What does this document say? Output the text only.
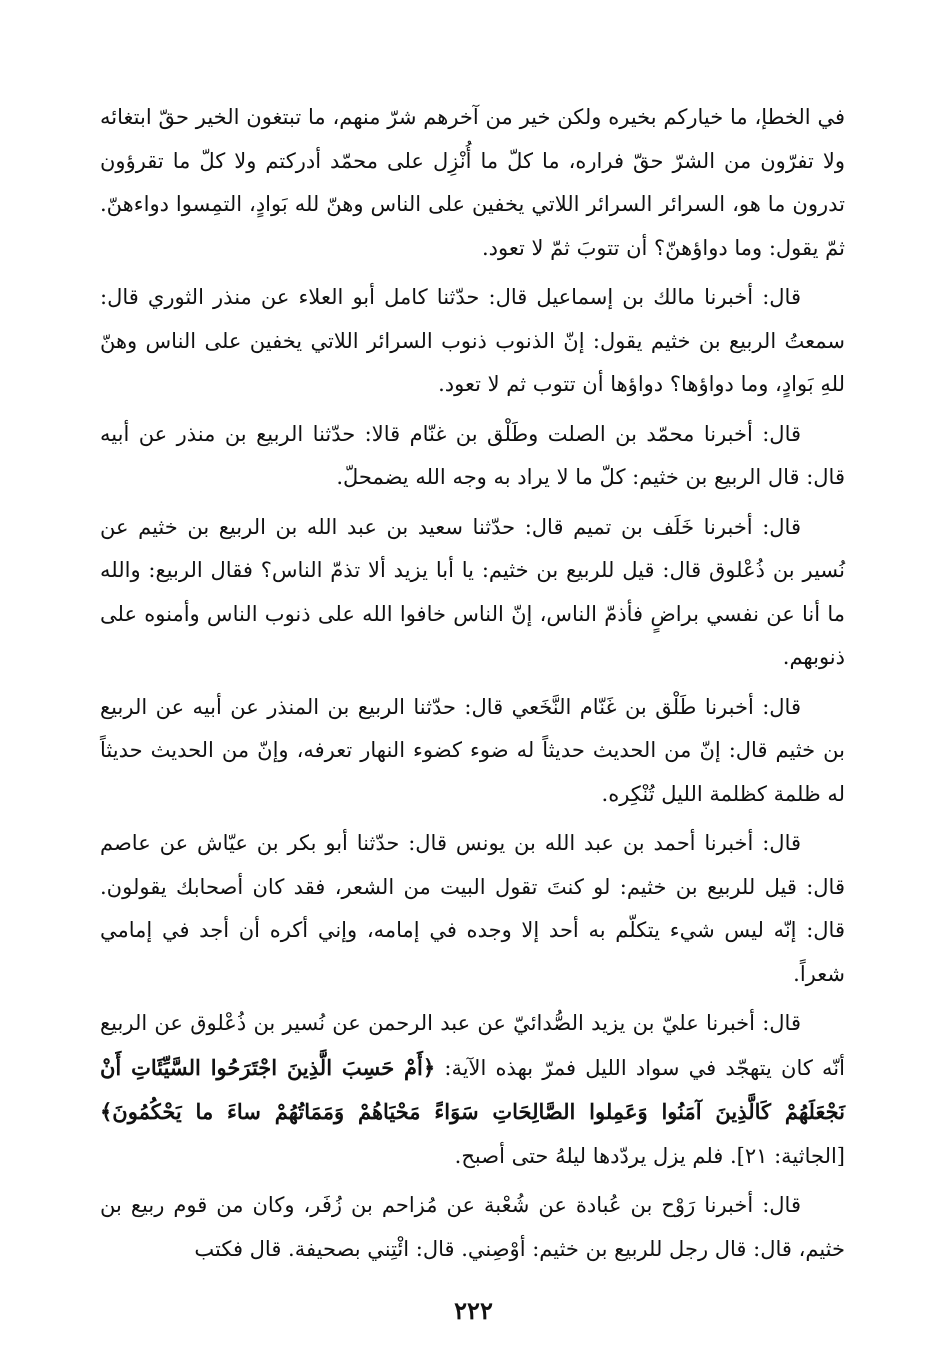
في الخطإ، ما خياركم بخيره ولكن خير من آخرهم شرّ منهم، ما تبتغون الخير حقّ ابتغائه ولا تفرّون من الشرّ حقّ فراره، ما كلّ ما أُنْزِل على محمّد أدركتم ولا كلّ ما تقرؤون تدرون ما هو، السرائر السرائر اللاتي يخفين على الناس وهنّ لله بَوادٍ، التمِسوا دواءهنّ. ثمّ يقول: وما دواؤهنّ؟ أن تتوبَ ثمّ لا تعود.

قال: أخبرنا مالك بن إسماعيل قال: حدّثنا كامل أبو العلاء عن منذر الثوري قال: سمعتُ الربيع بن خثيم يقول: إنّ الذنوب ذنوب السرائر اللاتي يخفين على الناس وهنّ للهِ بَوادٍ، وما دواؤها؟ دواؤها أن تتوب ثم لا تعود.

قال: أخبرنا محمّد بن الصلت وطَلْق بن غنّام قالا: حدّثنا الربيع بن منذر عن أبيه قال: قال الربيع بن خثيم: كلّ ما لا يراد به وجه الله يضمحلّ.

قال: أخبرنا خَلَف بن تميم قال: حدّثنا سعيد بن عبد الله بن الربيع بن خثيم عن نُسير بن ذُعْلوق قال: قيل للربيع بن خثيم: يا أبا يزيد ألا تذمّ الناس؟ فقال الربيع: والله ما أنا عن نفسي براضٍ فأذمّ الناس، إنّ الناس خافوا الله على ذنوب الناس وأمنوه على ذنوبهم.

قال: أخبرنا طَلْق بن غَنّام النَّخَعي قال: حدّثنا الربيع بن المنذر عن أبيه عن الربيع بن خثيم قال: إنّ من الحديث حديثاً له ضوء كضوء النهار تعرفه، وإنّ من الحديث حديثاً له ظلمة كظلمة الليل تُنْكِره.

قال: أخبرنا أحمد بن عبد الله بن يونس قال: حدّثنا أبو بكر بن عيّاش عن عاصم قال: قيل للربيع بن خثيم: لو كنتَ تقول البيت من الشعر، فقد كان أصحابك يقولون. قال: إنّه ليس شيء يتكلّم به أحد إلا وجده في إمامه، وإني أكره أن أجد في إمامي شعراً.

قال: أخبرنا عليّ بن يزيد الصُّدائيّ عن عبد الرحمن عن نُسير بن ذُعْلوق عن الربيع أنّه كان يتهجّد في سواد الليل فمرّ بهذه الآية: ﴿أَمْ حَسِبَ الَّذِينَ اجْتَرَحُوا السَّيِّئَاتِ أَنْ نَجْعَلَهُمْ كَالَّذِينَ آمَنُوا وَعَمِلوا الصَّالِحَاتِ سَوَاءً مَحْيَاهُمْ وَمَمَاتُهُمْ ساءَ ما يَحْكُمُونَ﴾ [الجاثية: ٢١]. فلم يزل يردّدها ليلهُ حتى أصبح.

قال: أخبرنا رَوْح بن عُبادة عن شُعْبة عن مُزاحم بن زُفَر، وكان من قوم ربيع بن خثيم، قال: قال رجل للربيع بن خثيم: أوْصِني. قال: ائْتِني بصحيفة. قال فكتب

٢٢٢
